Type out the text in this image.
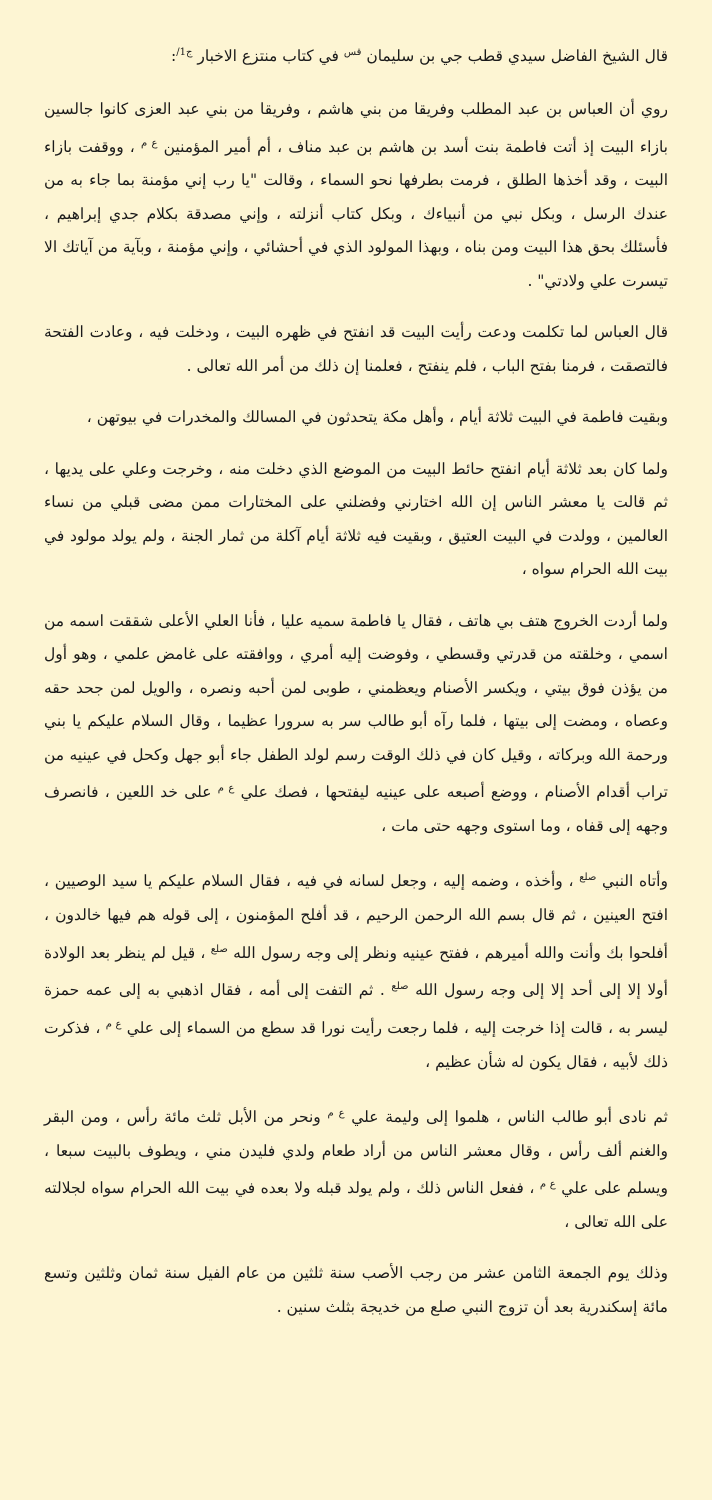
قال الشيخ الفاضل سيدي قطب جي بن سليمان $^{قس}$ في كتاب منتزع الاخبار $^{ج1/}$:

روي أن العباس بن عبد المطلب وفريقا من بني هاشم ، وفريقا من بني عبد العزى كانوا جالسين بازاء البيت إذ أتت فاطمة بنت أسد بن هاشم بن عبد مناف ، أم أمير المؤمنين $^{ع م}$ ، ووقفت بازاء البيت ، وقد أخذها الطلق ، فرمت بطرفها نحو السماء ، وقالت "يا رب إني مؤمنة بما جاء به من عندك الرسل ، وبكل نبي من أنبياءك ، وبكل كتاب أنزلته ، وإني مصدقة بكلام جدي إبراهيم ، فأسئلك بحق هذا البيت ومن بناه ، وبهذا المولود الذي في أحشائي ، وإني مؤمنة ، وبآية من آياتك الا تيسرت علي ولادتي" .

قال العباس لما تكلمت ودعت رأيت البيت قد انفتح في ظهره البيت ، ودخلت فيه ، وعادت الفتحة فالتصقت ، فرمنا بفتح الباب ، فلم ينفتح ، فعلمنا إن ذلك من أمر الله تعالى .

وبقيت فاطمة في البيت ثلاثة أيام ، وأهل مكة يتحدثون في المسالك والمخدرات في بيوتهن ،

ولما كان بعد ثلاثة أيام انفتح حائط البيت من الموضع الذي دخلت منه ، وخرجت وعلي على يديها ، ثم قالت يا معشر الناس إن الله اختارني وفضلني على المختارات ممن مضى قبلي من نساء العالمين ، وولدت في البيت العتيق ، وبقيت فيه ثلاثة أيام آكلة من ثمار الجنة ، ولم يولد مولود في بيت الله الحرام سواه ،

ولما أردت الخروج هتف بي هاتف ، فقال يا فاطمة سميه عليا ، فأنا العلي الأعلى شققت اسمه من اسمي ، وخلقته من قدرتي وقسطي ، وفوضت إليه أمري ، ووافقته على غامض علمي ، وهو أول من يؤذن فوق بيتي ، ويكسر الأصنام ويعظمني ، طوبى لمن أحبه ونصره ، والويل لمن جحد حقه وعصاه ، ومضت إلى بيتها ، فلما رآه أبو طالب سر به سرورا عظيما ، وقال السلام عليكم يا بني ورحمة الله وبركاته ، وقيل كان في ذلك الوقت رسم لولد الطفل جاء أبو جهل وكحل في عينيه من تراب أقدام الأصنام ، ووضع أصبعه على عينيه ليفتحها ، فصك علي $^{ع م}$ على خد اللعين ، فانصرف وجهه إلى قفاه ، وما استوى وجهه حتى مات ،

وأتاه النبي $^{صلع}$ ، وأخذه ، وضمه إليه ، وجعل لسانه في فيه ، فقال السلام عليكم يا سيد الوصيين ، افتح العينين ، ثم قال بسم الله الرحمن الرحيم ، قد أفلح المؤمنون ، إلى قوله هم فيها خالدون ، أفلحوا بك وأنت والله أميرهم ، ففتح عينيه ونظر إلى وجه رسول الله $^{صلع}$ ، قيل لم ينظر بعد الولادة أولا إلا إلى أحد إلا إلى وجه رسول الله $^{صلع}$ . ثم التفت إلى أمه ، فقال اذهبي به إلى عمه حمزة ليسر به ، قالت إذا خرجت إليه ، فلما رجعت رأيت نورا قد سطع من السماء إلى علي $^{ع م}$ ، فذكرت ذلك لأبيه ، فقال يكون له شأن عظيم ،

ثم نادى أبو طالب الناس ، هلموا إلى وليمة علي $^{ع م}$ ونحر من الأبل ثلث مائة رأس ، ومن البقر والغنم ألف رأس ، وقال معشر الناس من أراد طعام ولدي فليدن مني ، ويطوف بالبيت سبعا ، ويسلم على علي $^{ع م}$ ، ففعل الناس ذلك ، ولم يولد قبله ولا بعده في بيت الله الحرام سواه لجلالته على الله تعالى ،

وذلك يوم الجمعة الثامن عشر من رجب الأصب سنة ثلثين من عام الفيل سنة ثمان وثلثين وتسع مائة إسكندرية بعد أن تزوج النبي صلع من خديجة بثلث سنين .
